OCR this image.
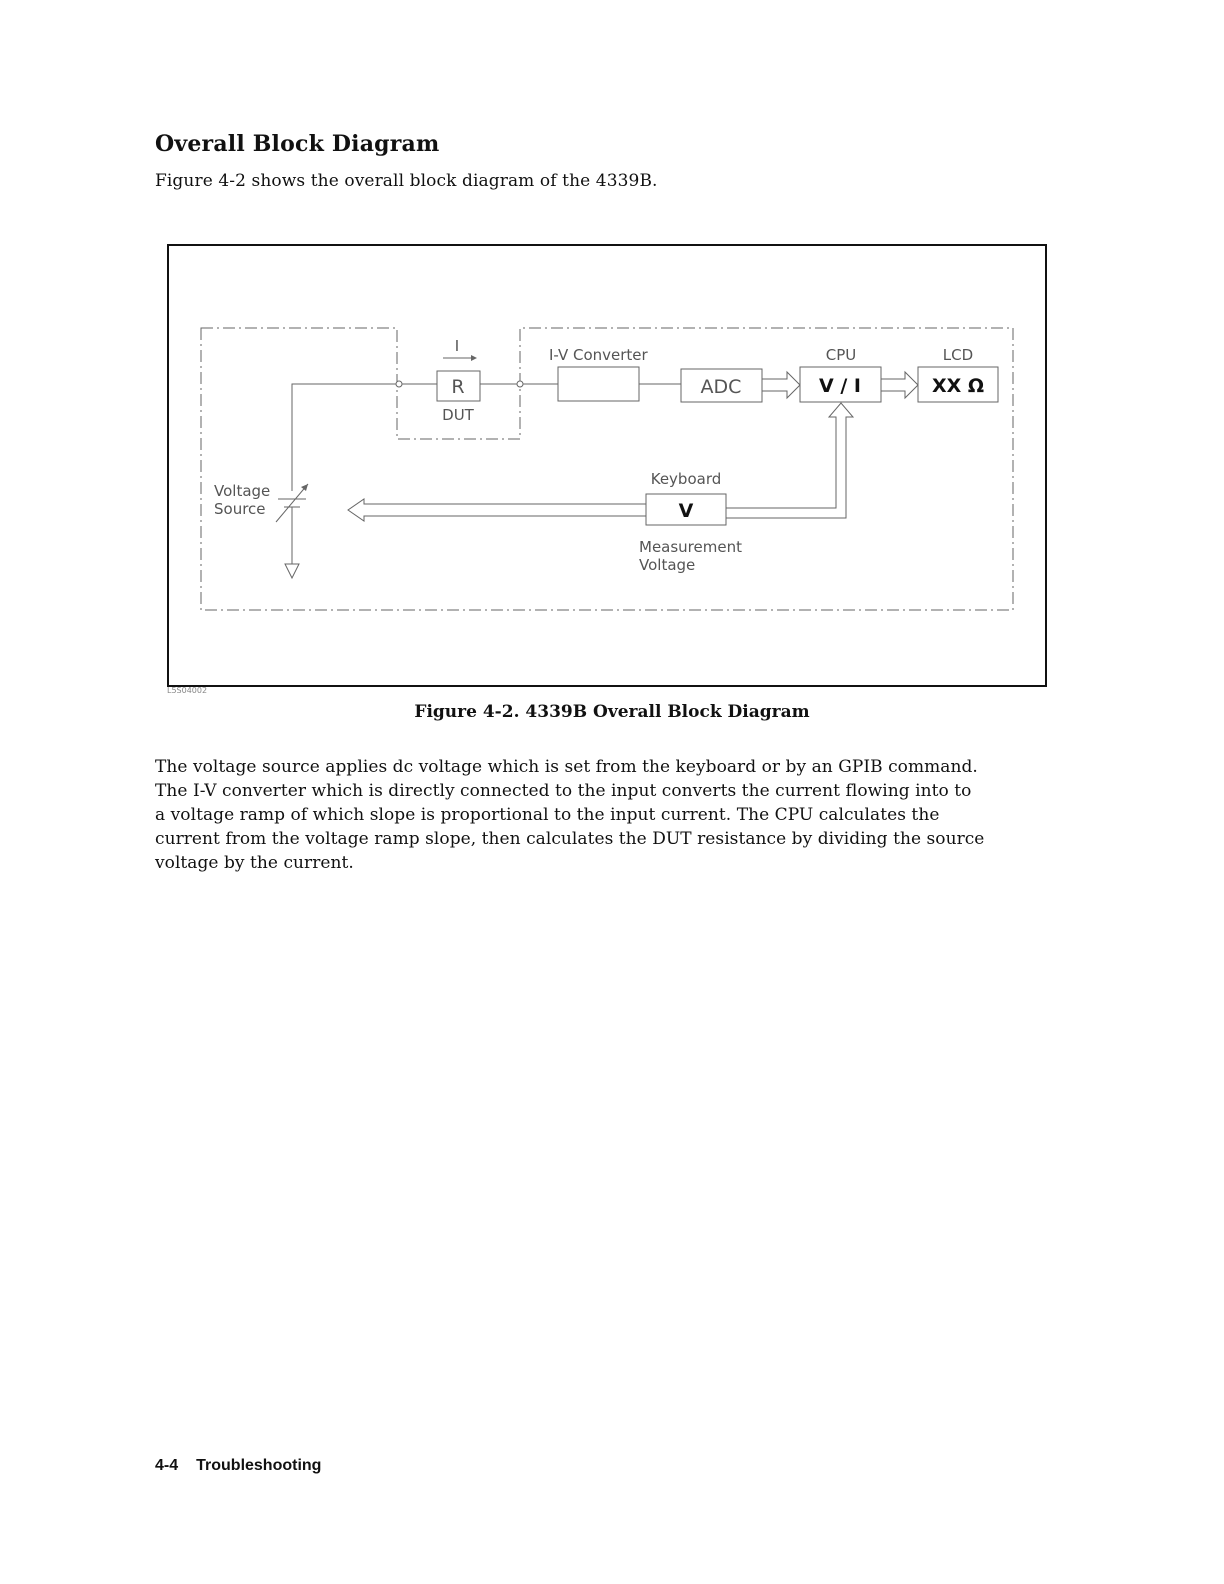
Overall Block Diagram

Figure 4-2 shows the overall block diagram of the 4339B.

R
DUT
I	I-V Converter
ADC
CPU
V / I
LCD
XX Ω
Keyboard
V
Measurement
Voltage
Voltage
Source

L5S04002

Figure 4-2. 4339B Overall Block Diagram

The voltage source applies dc voltage which is set from the keyboard or by an GPIB command.
The I-V converter which is directly connected to the input converts the current flowing into to
a voltage ramp of which slope is proportional to the input current. The CPU calculates the
current from the voltage ramp slope, then calculates the DUT resistance by dividing the source
voltage by the current.
4-4 Troubleshooting
